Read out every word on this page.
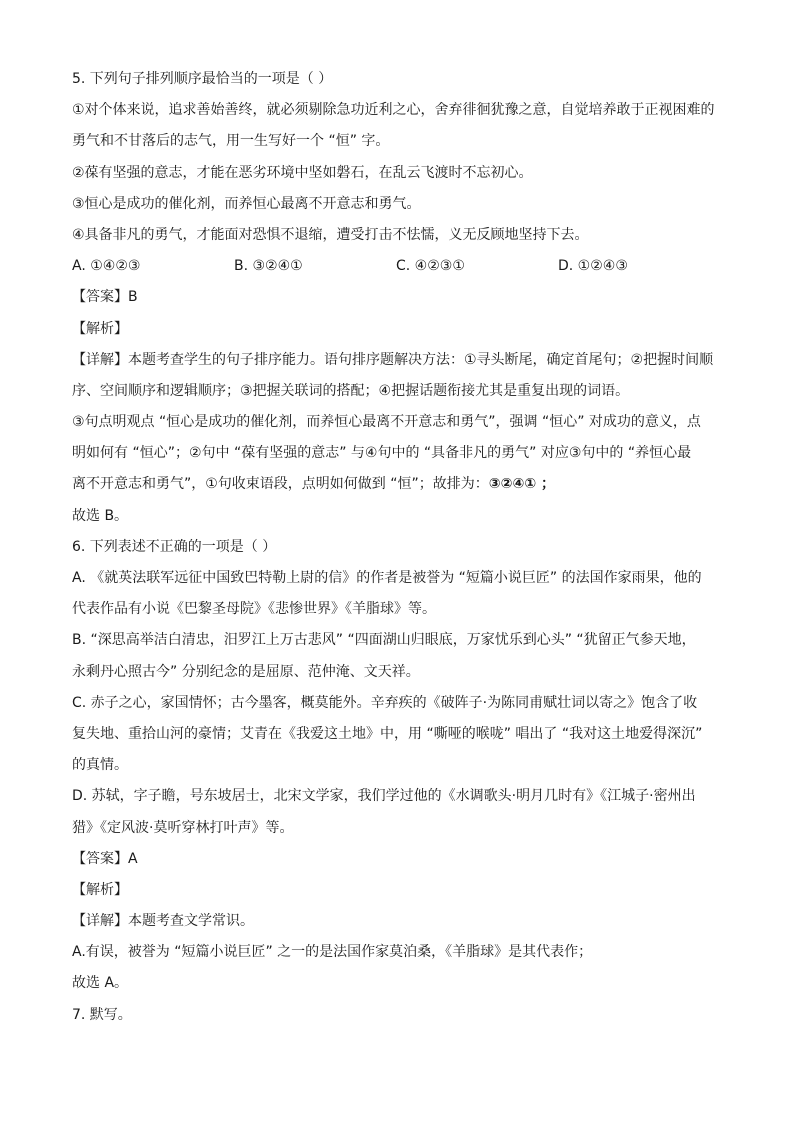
5. 下列句子排列顺序最恰当的一项是（ ）
①对个体来说，追求善始善终，就必须剔除急功近利之心，舍弃徘徊犹豫之意，自觉培养敢于正视困难的
勇气和不甘落后的志气，用一生写好一个 “恒” 字。
②葆有坚强的意志，才能在恶劣环境中坚如磐石，在乱云飞渡时不忘初心。
③恒心是成功的催化剂，而养恒心最离不开意志和勇气。
④具备非凡的勇气，才能面对恐惧不退缩，遭受打击不怯懦，义无反顾地坚持下去。
A. ①④②③	B. ③②④①	C. ④②③①	D. ①②④③
【答案】B
【解析】
【详解】本题考查学生的句子排序能力。语句排序题解决方法：①寻头断尾，确定首尾句；②把握时间顺
序、空间顺序和逻辑顺序；③把握关联词的搭配；④把握话题衔接尤其是重复出现的词语。
③句点明观点 “恒心是成功的催化剂，而养恒心最离不开意志和勇气”，强调 “恒心” 对成功的意义，点
明如何有 “恒心”；②句中 “葆有坚强的意志” 与④句中的 “具备非凡的勇气” 对应③句中的 “养恒心最
离不开意志和勇气”，①句收束语段，点明如何做到 “恒”；故排为：③②④① ；
故选 B。
6. 下列表述不正确的一项是（ ）
A. 《就英法联军远征中国致巴特勒上尉的信》的作者是被誉为 “短篇小说巨匠” 的法国作家雨果，他的
代表作品有小说《巴黎圣母院》《悲惨世界》《羊脂球》等。
B. “深思高举洁白清忠，汨罗江上万古悲风” “四面湖山归眼底，万家忧乐到心头” “犹留正气参天地，
永剩丹心照古今” 分别纪念的是屈原、范仲淹、文天祥。
C. 赤子之心，家国情怀；古今墨客，概莫能外。辛弃疾的《破阵子·为陈同甫赋壮词以寄之》饱含了收
复失地、重拾山河的豪情；艾青在《我爱这土地》中，用 “嘶哑的喉咙” 唱出了 “我对这土地爱得深沉”
的真情。
D. 苏轼，字子瞻，号东坡居士，北宋文学家，我们学过他的《水调歌头·明月几时有》《江城子·密州出
猎》《定风波·莫听穿林打叶声》等。
【答案】A
【解析】
【详解】本题考查文学常识。
A.有误，被誉为 “短篇小说巨匠” 之一的是法国作家莫泊桑，《羊脂球》是其代表作；
故选 A。
7. 默写。
